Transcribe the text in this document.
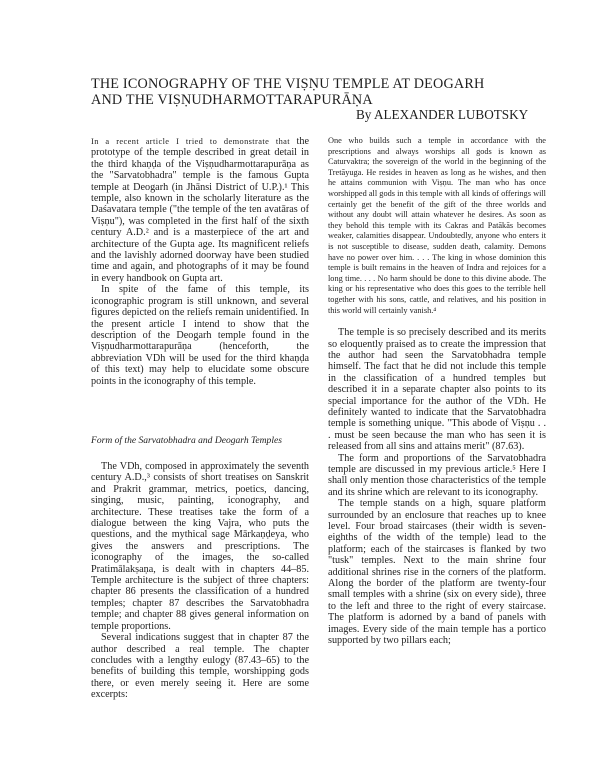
THE ICONOGRAPHY OF THE VIṢṆU TEMPLE AT DEOGARH
AND THE VIṢṆUDHARMOTTARAPURĀṆA
By ALEXANDER LUBOTSKY

In a recent article I tried to demonstrate that the prototype of the temple described in great detail in the third khaṇḍa of the Viṣṇudharmottarapurāṇa as the "Sarvatobhadra" temple is the famous Gupta temple at Deogarh (in Jhānsi District of U.P.).¹ This temple, also known in the scholarly literature as the Daśavatara temple ("the temple of the ten avatāras of Viṣṇu"), was completed in the first half of the sixth century A.D.² and is a masterpiece of the art and architecture of the Gupta age. Its magnificent reliefs and the lavishly adorned doorway have been studied time and again, and photographs of it may be found in every handbook on Gupta art.

In spite of the fame of this temple, its iconographic program is still unknown, and several figures depicted on the reliefs remain unidentified. In the present article I intend to show that the description of the Deogarh temple found in the Viṣṇudharmottarapurāṇa (henceforth, the abbreviation VDh will be used for the third khaṇḍa of this text) may help to elucidate some obscure points in the iconography of this temple.

Form of the Sarvatobhadra and Deogarh Temples

The VDh, composed in approximately the seventh century A.D.,³ consists of short treatises on Sanskrit and Prakrit grammar, metrics, poetics, dancing, singing, music, painting, iconography, and architecture. These treatises take the form of a dialogue between the king Vajra, who puts the questions, and the mythical sage Mārkaṇḍeya, who gives the answers and prescriptions. The iconography of the images, the so-called Pratimālakṣaṇa, is dealt with in chapters 44–85. Temple architecture is the subject of three chapters: chapter 86 presents the classification of a hundred temples; chapter 87 describes the Sarvatobhadra temple; and chapter 88 gives general information on temple proportions.

Several indications suggest that in chapter 87 the author described a real temple. The chapter concludes with a lengthy eulogy (87.43–65) to the benefits of building this temple, worshipping gods there, or even merely seeing it. Here are some excerpts:

One who builds such a temple in accordance with the prescriptions and always worships all gods is known as Caturvaktra; the sovereign of the world in the beginning of the Tretāyuga. He resides in heaven as long as he wishes, and then he attains communion with Viṣṇu. The man who has once worshipped all gods in this temple with all kinds of offerings will certainly get the benefit of the gift of the three worlds and without any doubt will attain whatever he desires. As soon as they behold this temple with its Cakras and Patākās becomes weaker, calamities disappear. Undoubtedly, anyone who enters it is not susceptible to disease, sudden death, calamity. Demons have no power over him. . . . The king in whose dominion this temple is built remains in the heaven of Indra and rejoices for a long time. . . . No harm should be done to this divine abode. The king or his representative who does this goes to the terrible hell together with his sons, cattle, and relatives, and his position in this world will certainly vanish.⁴

The temple is so precisely described and its merits so eloquently praised as to create the impression that the author had seen the Sarvatobhadra temple himself. The fact that he did not include this temple in the classification of a hundred temples but described it in a separate chapter also points to its special importance for the author of the VDh. He definitely wanted to indicate that the Sarvatobhadra temple is something unique. "This abode of Viṣṇu . . . must be seen because the man who has seen it is released from all sins and attains merit" (87.63).

The form and proportions of the Sarvatobhadra temple are discussed in my previous article.⁵ Here I shall only mention those characteristics of the temple and its shrine which are relevant to its iconography.

The temple stands on a high, square platform surrounded by an enclosure that reaches up to knee level. Four broad staircases (their width is seven-eighths of the width of the temple) lead to the platform; each of the staircases is flanked by two "tusk" temples. Next to the main shrine four additional shrines rise in the corners of the platform. Along the border of the platform are twenty-four small temples with a shrine (six on every side), three to the left and three to the right of every staircase. The platform is adorned by a band of panels with images. Every side of the main temple has a portico supported by two pillars each;
